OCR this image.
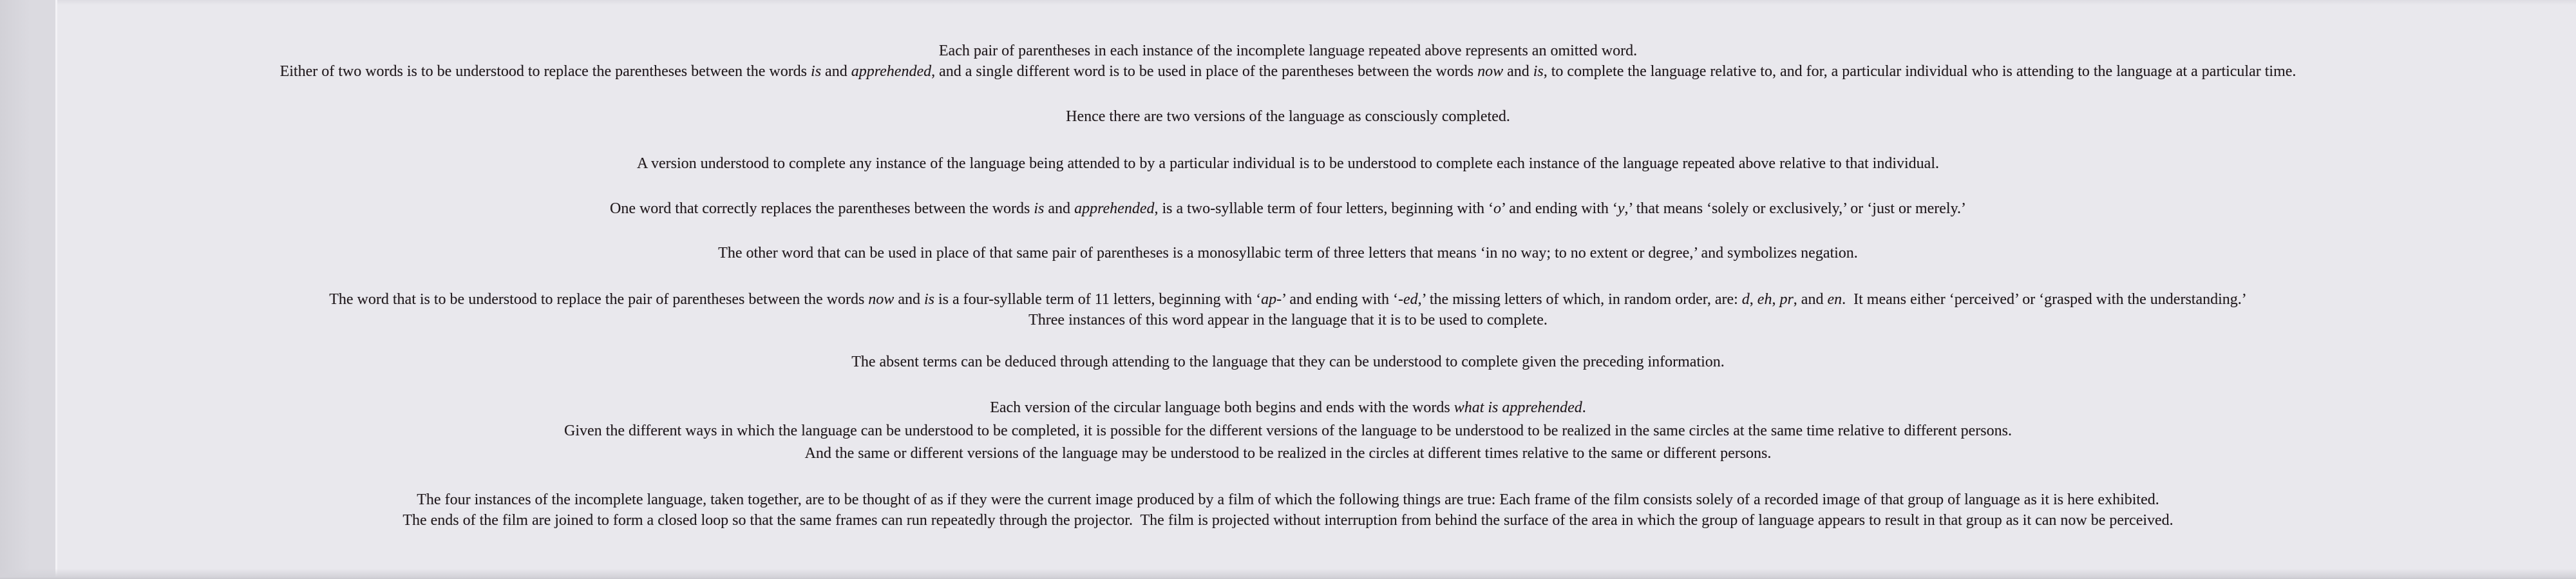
Each pair of parentheses in each instance of the incomplete language repeated above represents an omitted word.

Either of two words is to be understood to replace the parentheses between the words is and apprehended, and a single different word is to be used in place of the parentheses between the words now and is, to complete the language relative to, and for, a particular individual who is attending to the language at a particular time.

Hence there are two versions of the language as consciously completed.

A version understood to complete any instance of the language being attended to by a particular individual is to be understood to complete each instance of the language repeated above relative to that individual.

One word that correctly replaces the parentheses between the words is and apprehended, is a two-syllable term of four letters, beginning with ‘o’ and ending with ‘y,’ that means ‘solely or exclusively,’ or ‘just or merely.’

The other word that can be used in place of that same pair of parentheses is a monosyllabic term of three letters that means ‘in no way; to no extent or degree,’ and symbolizes negation.

The word that is to be understood to replace the pair of parentheses between the words now and is is a four-syllable term of 11 letters, beginning with ‘ap-’ and ending with ‘-ed,’ the missing letters of which, in random order, are: d, eh, pr, and en.  It means either ‘perceived’ or ‘grasped with the understanding.’

Three instances of this word appear in the language that it is to be used to complete.

The absent terms can be deduced through attending to the language that they can be understood to complete given the preceding information.

Each version of the circular language both begins and ends with the words what is apprehended.

Given the different ways in which the language can be understood to be completed, it is possible for the different versions of the language to be understood to be realized in the same circles at the same time relative to different persons.

And the same or different versions of the language may be understood to be realized in the circles at different times relative to the same or different persons.

The four instances of the incomplete language, taken together, are to be thought of as if they were the current image produced by a film of which the following things are true: Each frame of the film consists solely of a recorded image of that group of language as it is here exhibited.

The ends of the film are joined to form a closed loop so that the same frames can run repeatedly through the projector.  The film is projected without interruption from behind the surface of the area in which the group of language appears to result in that group as it can now be perceived.
